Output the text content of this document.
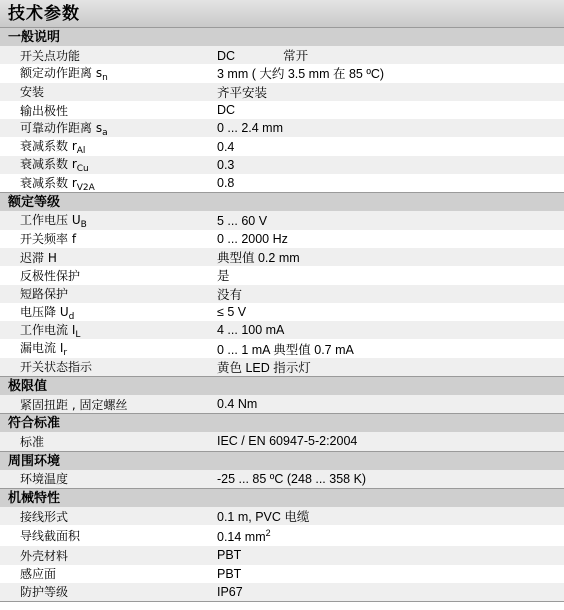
技术参数
一般说明
开关点功能	DC	常开
额定动作距离 $s_n$	3 mm ( 大约 3.5 mm 在 85 ºC)
安装	齐平安装
输出极性	DC
可靠动作距离 $s_a$	0 ... 2.4 mm
衰减系数 $r_{Al}$	0.4
衰减系数 $r_{Cu}$	0.3
衰减系数 $r_{V2A}$	0.8
额定等级
工作电压 $U_B$	5 ... 60 V
开关频率 f	0 ... 2000 Hz
迟滞 H	典型值 0.2 mm
反极性保护	是
短路保护	没有
电压降 $U_d$	≤ 5 V
工作电流 $I_L$	4 ... 100 mA
漏电流 $I_r$	0 ... 1 mA 典型值 0.7 mA
开关状态指示	黄色 LED 指示灯
极限值
紧固扭距 , 固定螺丝	0.4 Nm
符合标准
标准	IEC / EN 60947-5-2:2004
周围环境
环境温度	-25 ... 85 ºC (248 ... 358 K)
机械特性
接线形式	0.1 m, PVC 电缆
导线截面积	0.14 $mm^2$
外壳材料	PBT
感应面	PBT
防护等级	IP67
